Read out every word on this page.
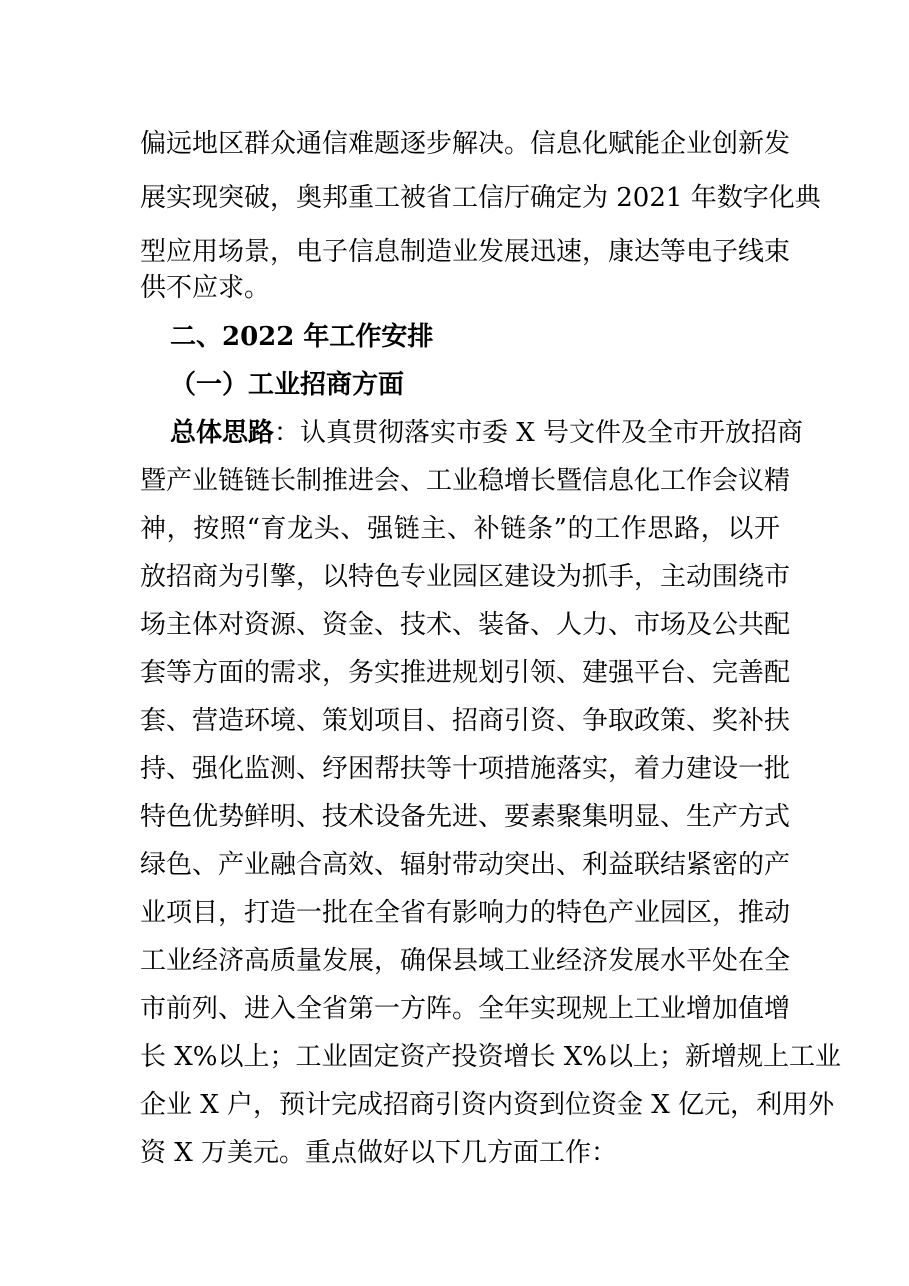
偏远地区群众通信难题逐步解决。信息化赋能企业创新发
展实现突破，奥邦重工被省工信厅确定为 2021 年数字化典
型应用场景，电子信息制造业发展迅速，康达等电子线束
供不应求。
二、2022 年工作安排
（一）工业招商方面
总体思路：认真贯彻落实市委 X 号文件及全市开放招商
暨产业链链长制推进会、工业稳增长暨信息化工作会议精
神，按照“育龙头、强链主、补链条”的工作思路，以开
放招商为引擎，以特色专业园区建设为抓手，主动围绕市
场主体对资源、资金、技术、装备、人力、市场及公共配
套等方面的需求，务实推进规划引领、建强平台、完善配
套、营造环境、策划项目、招商引资、争取政策、奖补扶
持、强化监测、纾困帮扶等十项措施落实，着力建设一批
特色优势鲜明、技术设备先进、要素聚集明显、生产方式
绿色、产业融合高效、辐射带动突出、利益联结紧密的产
业项目，打造一批在全省有影响力的特色产业园区，推动
工业经济高质量发展，确保县域工业经济发展水平处在全
市前列、进入全省第一方阵。全年实现规上工业增加值增
长 X%以上；工业固定资产投资增长 X%以上；新增规上工业
企业 X 户，预计完成招商引资内资到位资金 X 亿元，利用外
资 X 万美元。重点做好以下几方面工作：
